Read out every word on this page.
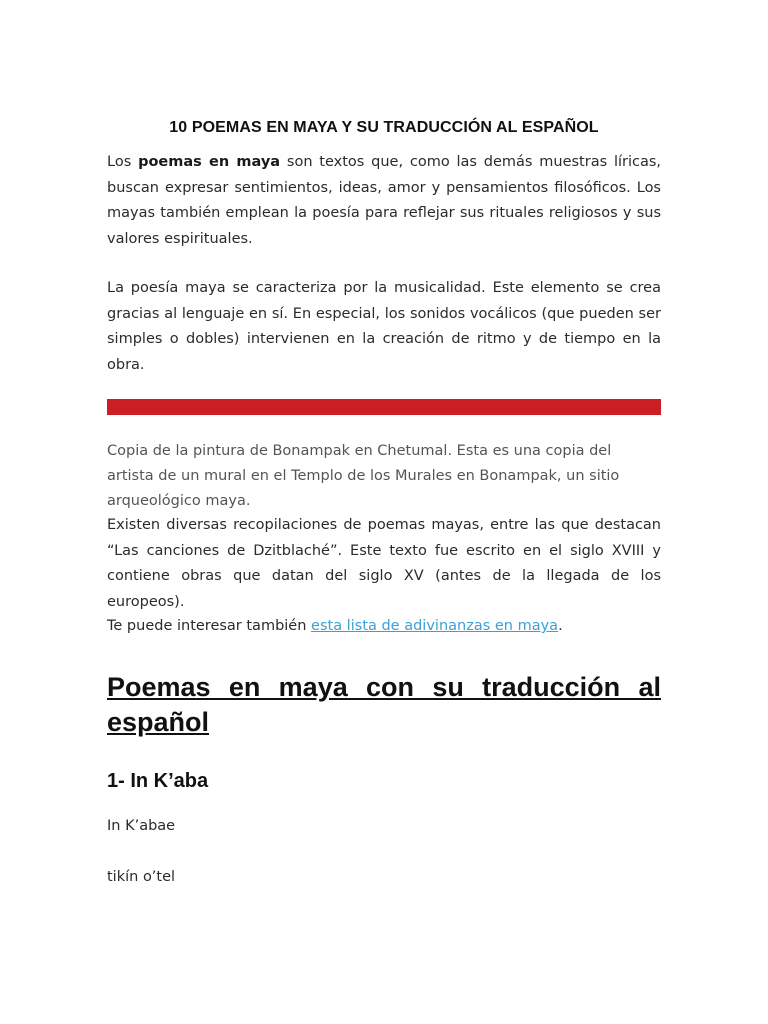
10 POEMAS EN MAYA Y SU TRADUCCIÓN AL ESPAÑOL

Los poemas en maya son textos que, como las demás muestras líricas, buscan expresar sentimientos, ideas, amor y pensamientos filosóficos. Los mayas también emplean la poesía para reflejar sus rituales religiosos y sus valores espirituales.

La poesía maya se caracteriza por la musicalidad. Este elemento se crea gracias al lenguaje en sí. En especial, los sonidos vocálicos (que pueden ser simples o dobles) intervienen en la creación de ritmo y de tiempo en la obra.

Copia de la pintura de Bonampak en Chetumal. Esta es una copia del artista de un mural en el Templo de los Murales en Bonampak, un sitio arqueológico maya.

Existen diversas recopilaciones de poemas mayas, entre las que destacan “Las canciones de Dzitblaché”. Este texto fue escrito en el siglo XVIII y contiene obras que datan del siglo XV (antes de la llegada de los europeos).

Te puede interesar también esta lista de adivinanzas en maya.

Poemas en maya con su traducción al español
1- In K’aba

In K’abae

tikín o’tel
